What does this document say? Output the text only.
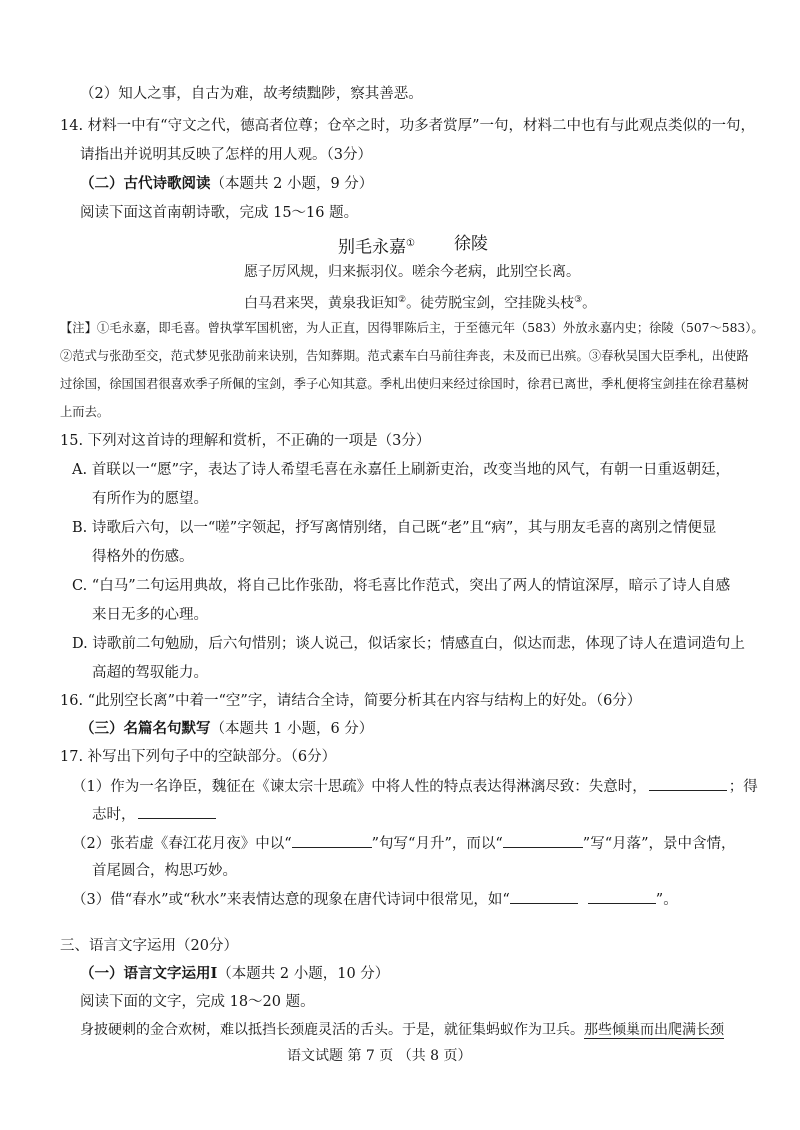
（2）知人之事，自古为难，故考绩黜陟，察其善恶。
14. 材料一中有“守文之代，德高者位尊；仓卒之时，功多者赏厚”一句，材料二中也有与此观点类似的一句，
请指出并说明其反映了怎样的用人观。（3分）
（二）古代诗歌阅读（本题共 2 小题，9 分）
阅读下面这首南朝诗歌，完成 15～16 题。
别毛永嘉① 徐陵
愿子厉风规，归来振羽仪。嗟余今老病，此别空长离。
白马君来哭，黄泉我讵知②。徒劳脱宝剑，空挂陇头枝③。
【注】①毛永嘉，即毛喜。曾执掌军国机密，为人正直，因得罪陈后主，于至德元年（583）外放永嘉内史；徐陵（507～583）。
②范式与张劭至交，范式梦见张劭前来诀别，告知葬期。范式素车白马前往奔丧，未及而已出殡。③春秋吴国大臣季札，出使路
过徐国，徐国国君很喜欢季子所佩的宝剑，季子心知其意。季札出使归来经过徐国时，徐君已离世，季札便将宝剑挂在徐君墓树
上而去。
15. 下列对这首诗的理解和赏析，不正确的一项是（3分）
A. 首联以一“愿”字，表达了诗人希望毛喜在永嘉任上刷新吏治，改变当地的风气，有朝一日重返朝廷，
有所作为的愿望。
B. 诗歌后六句，以一“嗟”字领起，抒写离情别绪，自己既“老”且“病”，其与朋友毛喜的离别之情便显
得格外的伤感。
C. “白马”二句运用典故，将自己比作张劭，将毛喜比作范式，突出了两人的情谊深厚，暗示了诗人自感
来日无多的心理。
D. 诗歌前二句勉励，后六句惜别；谈人说己，似话家长；情感直白，似达而悲，体现了诗人在遣词造句上
高超的驾驭能力。
16. “此别空长离”中着一“空”字，请结合全诗，简要分析其在内容与结构上的好处。（6分）
（三）名篇名句默写（本题共 1 小题，6 分）
17. 补写出下列句子中的空缺部分。（6分）
（1）作为一名诤臣，魏征在《谏太宗十思疏》中将人性的特点表达得淋漓尽致：失意时，	；得
志时，
（2）张若虚《春江花月夜》中以“	”句写“月升”，而以“	”写“月落”，景中含情，
首尾圆合，构思巧妙。
（3）借“春水”或“秋水”来表情达意的现象在唐代诗词中很常见，如“	”。
三、语言文字运用（20分）
（一）语言文字运用Ⅰ（本题共 2 小题，10 分）
阅读下面的文字，完成 18～20 题。
身披硬刺的金合欢树，难以抵挡长颈鹿灵活的舌头。于是，就征集蚂蚁作为卫兵。那些倾巢而出爬满长颈
语文试题 第 7 页 （共 8 页）
